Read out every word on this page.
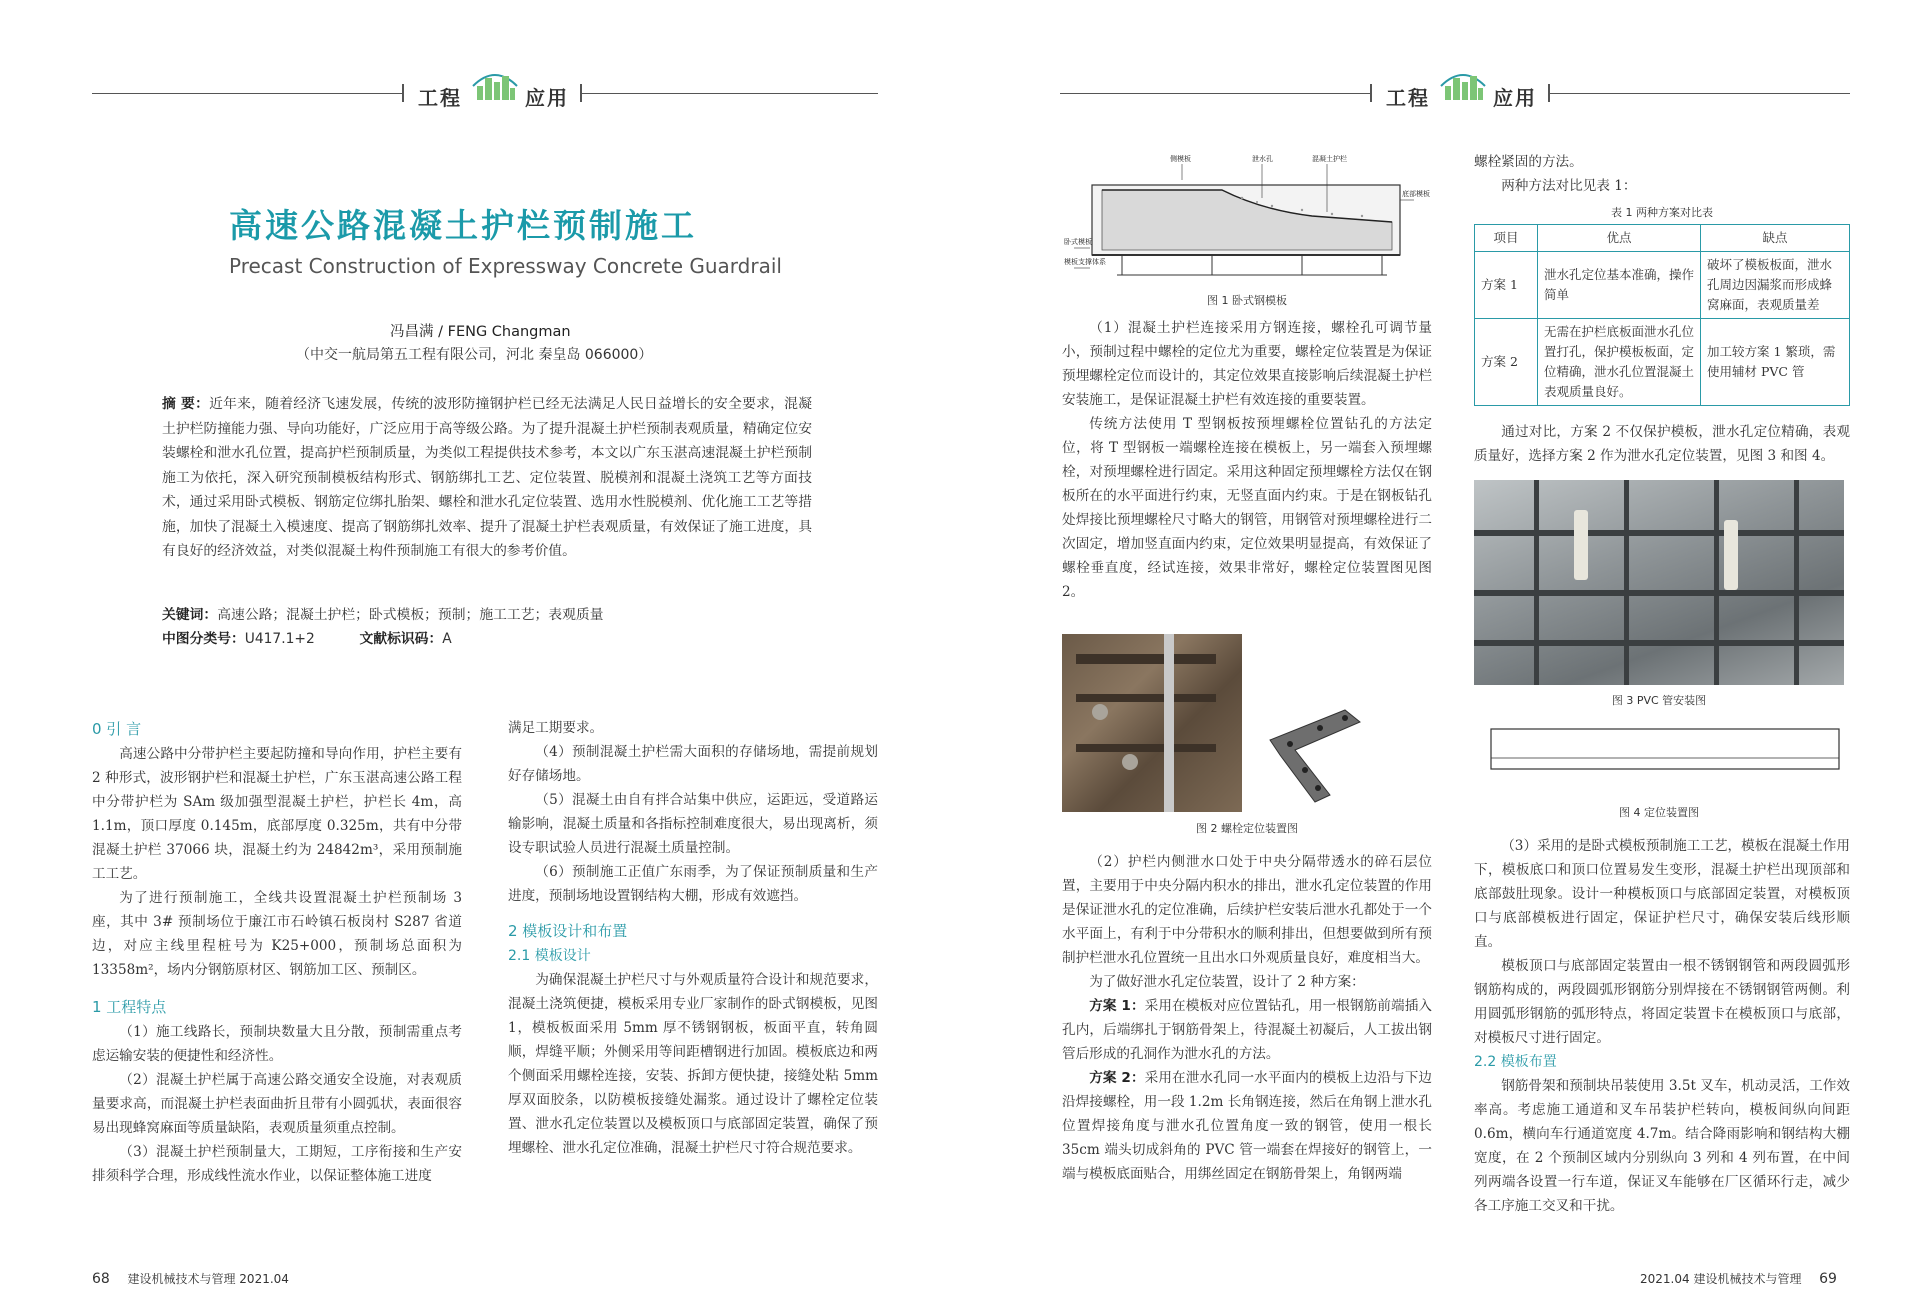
工程	应用	工程	应用
高速公路混凝土护栏预制施工
Precast Construction of Expressway Concrete Guardrail
冯昌满 / FENG Changman
（中交一航局第五工程有限公司，河北 秦皇岛 066000）
摘 要：近年来，随着经济飞速发展，传统的波形防撞钢护栏已经无法满足人民日益增长的安全要求，混凝土护栏防撞能力强、导向功能好，广泛应用于高等级公路。为了提升混凝土护栏预制表观质量，精确定位安装螺栓和泄水孔位置，提高护栏预制质量，为类似工程提供技术参考，本文以广东玉湛高速混凝土护栏预制施工为依托，深入研究预制模板结构形式、钢筋绑扎工艺、定位装置、脱模剂和混凝土浇筑工艺等方面技术，通过采用卧式模板、钢筋定位绑扎胎架、螺栓和泄水孔定位装置、选用水性脱模剂、优化施工工艺等措施，加快了混凝土入模速度、提高了钢筋绑扎效率、提升了混凝土护栏表观质量，有效保证了施工进度，具有良好的经济效益，对类似混凝土构件预制施工有很大的参考价值。
关键词：高速公路；混凝土护栏；卧式模板；预制；施工工艺；表观质量
中图分类号：U417.1+2	文献标识码：A

0 引 言

高速公路中分带护栏主要起防撞和导向作用，护栏主要有 2 种形式，波形钢护栏和混凝土护栏，广东玉湛高速公路工程中分带护栏为 SAm 级加强型混凝土护栏，护栏长 4m，高 1.1m，顶口厚度 0.145m，底部厚度 0.325m，共有中分带混凝土护栏 37066 块，混凝土约为 24842m³，采用预制施工工艺。

为了进行预制施工，全线共设置混凝土护栏预制场 3 座，其中 3# 预制场位于廉江市石岭镇石板岗村 S287 省道边，对应主线里程桩号为 K25+000，预制场总面积为 13358m²，场内分钢筋原材区、钢筋加工区、预制区。

1 工程特点

（1）施工线路长，预制块数量大且分散，预制需重点考虑运输安装的便捷性和经济性。

（2）混凝土护栏属于高速公路交通安全设施，对表观质量要求高，而混凝土护栏表面曲折且带有小圆弧状，表面很容易出现蜂窝麻面等质量缺陷，表观质量须重点控制。

（3）混凝土护栏预制量大，工期短，工序衔接和生产安排须科学合理，形成线性流水作业，以保证整体施工进度

满足工期要求。

（4）预制混凝土护栏需大面积的存储场地，需提前规划好存储场地。

（5）混凝土由自有拌合站集中供应，运距远，受道路运输影响，混凝土质量和各指标控制难度很大，易出现离析，须设专职试验人员进行混凝土质量控制。

（6）预制施工正值广东雨季，为了保证预制质量和生产进度，预制场地设置钢结构大棚，形成有效遮挡。

2 模板设计和布置

2.1 模板设计

为确保混凝土护栏尺寸与外观质量符合设计和规范要求，混凝土浇筑便捷，模板采用专业厂家制作的卧式钢模板，见图 1，模板板面采用 5mm 厚不锈钢钢板，板面平直，转角圆顺，焊缝平顺；外侧采用等间距槽钢进行加固。模板底边和两个侧面采用螺栓连接，安装、拆卸方便快捷，接缝处粘 5mm 厚双面胶条，以防模板接缝处漏浆。通过设计了螺栓定位装置、泄水孔定位装置以及模板顶口与底部固定装置，确保了预埋螺栓、泄水孔定位准确，混凝土护栏尺寸符合规范要求。

侧模板	泄水孔	混凝土护栏
底部模板
卧式模板
模板支撑体系
图 1 卧式钢模板

（1）混凝土护栏连接采用方钢连接，螺栓孔可调节量小，预制过程中螺栓的定位尤为重要，螺栓定位装置是为保证预埋螺栓定位而设计的，其定位效果直接影响后续混凝土护栏安装施工，是保证混凝土护栏有效连接的重要装置。

传统方法使用 T 型钢板按预埋螺栓位置钻孔的方法定位，将 T 型钢板一端螺栓连接在模板上，另一端套入预埋螺栓，对预埋螺栓进行固定。采用这种固定预埋螺栓方法仅在钢板所在的水平面进行约束，无竖直面内约束。于是在钢板钻孔处焊接比预埋螺栓尺寸略大的钢管，用钢管对预埋螺栓进行二次固定，增加竖直面内约束，定位效果明显提高，有效保证了螺栓垂直度，经试连接，效果非常好，螺栓定位装置图见图 2。

图 2 螺栓定位装置图

（2）护栏内侧泄水口处于中央分隔带透水的碎石层位置，主要用于中央分隔内积水的排出，泄水孔定位装置的作用是保证泄水孔的定位准确，后续护栏安装后泄水孔都处于一个水平面上，有利于中分带积水的顺利排出，但想要做到所有预制护栏泄水孔位置统一且出水口外观质量良好，难度相当大。

为了做好泄水孔定位装置，设计了 2 种方案：

方案 1：采用在模板对应位置钻孔，用一根钢筋前端插入孔内，后端绑扎于钢筋骨架上，待混凝土初凝后，人工拔出钢管后形成的孔洞作为泄水孔的方法。

方案 2：采用在泄水孔同一水平面内的模板上边沿与下边沿焊接螺栓，用一段 1.2m 长角钢连接，然后在角钢上泄水孔位置焊接角度与泄水孔位置角度一致的钢管，使用一根长 35cm 端头切成斜角的 PVC 管一端套在焊接好的钢管上，一端与模板底面贴合，用绑丝固定在钢筋骨架上，角钢两端

螺栓紧固的方法。

两种方法对比见表 1：

表 1 两种方案对比表
项目	优点	缺点
方案 1	泄水孔定位基本准确，操作简单	破坏了模板板面，泄水孔周边因漏浆而形成蜂窝麻面，表观质量差
方案 2	无需在护栏底板面泄水孔位置打孔，保护模板板面，定位精确，泄水孔位置混凝土表观质量良好。	加工较方案 1 繁琐，需使用辅材 PVC 管

通过对比，方案 2 不仅保护模板，泄水孔定位精确，表观质量好，选择方案 2 作为泄水孔定位装置，见图 3 和图 4。

图 3 PVC 管安装图
图 4 定位装置图

（3）采用的是卧式模板预制施工工艺，模板在混凝土作用下，模板底口和顶口位置易发生变形，混凝土护栏出现顶部和底部鼓肚现象。设计一种模板顶口与底部固定装置，对模板顶口与底部模板进行固定，保证护栏尺寸，确保安装后线形顺直。

模板顶口与底部固定装置由一根不锈钢钢管和两段圆弧形钢筋构成的，两段圆弧形钢筋分别焊接在不锈钢钢管两侧。利用圆弧形钢筋的弧形特点，将固定装置卡在模板顶口与底部，对模板尺寸进行固定。

2.2 模板布置

钢筋骨架和预制块吊装使用 3.5t 叉车，机动灵活，工作效率高。考虑施工通道和叉车吊装护栏转向，模板间纵向间距 0.6m，横向车行通道宽度 4.7m。结合降雨影响和钢结构大棚宽度，在 2 个预制区域内分别纵向 3 列和 4 列布置，在中间列两端各设置一行车道，保证叉车能够在厂区循环行走，减少各工序施工交叉和干扰。

68 建设机械技术与管理 2021.04	2021.04 建设机械技术与管理 69
